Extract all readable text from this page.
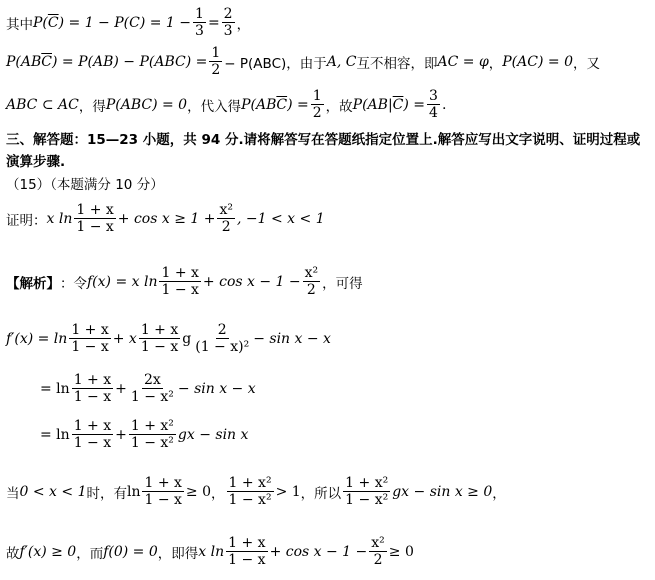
其中 P( $\overline{C}$ ) = $1 - P(C) = 1 - \frac{1}{3} = \frac{2}{3}$ ，
P(AB $\overline{C}$ ) = $P(AB) - P(ABC) = \frac{1}{2} - P(ABC)$，由于 A, C 互不相容，即 AC = φ ， P(AC) = 0 ，又
ABC ⊂ AC ，得 P(ABC) = 0 ，代入得 P(AB $\overline{C}$ ) = $\frac{1}{2}$ ，故 P(AB| $\overline{C}$ ) = $\frac{3}{4}$ .
三、解答题：15—23 小题，共 94 分.请将解答写在答题纸指定位置上.解答应写出文字说明、证明过程或
演算步骤.
（15）（本题满分 10 分）
证明： x $\ln \frac{1 + x}{1 - x} + \cos x \ge 1 + \frac{\text{x²}}{2}$ , −1 < x < 1
【解析】 ：令 f(x) = x $\ln \frac{1 + x}{1 - x} + \cos x - 1 - \frac{\text{x²}}{2}$ ，可得
$f'(x) = \ln \frac{1 + x}{1 - x} + x \frac{1 + x}{1 - x}$ g $\frac{2}{\text{(1 − x)²}} - \sin x - x$
= $\ln \frac{1 + x}{1 - x} + \frac{2x}{\text{1 − x²}} - \sin x - x$
= $\ln \frac{1 + x}{1 - x} + \frac{\text{1 + x²}}{\text{1 − x²}}$ gx − sin x
当 0 < x < 1 时，有 $\ln \frac{1 + x}{1 - x} \ge 0$ ， $\frac{\text{1 + x²}}{\text{1 − x²}} > 1$ ，所以 $\frac{\text{1 + x²}}{\text{1 − x²}}$ gx − sin x ≥ 0 ，
故 f′(x) ≥ 0 ，而 f(0) = 0 ，即得 x $\ln \frac{1 + x}{1 - x} + \cos x - 1 - \frac{\text{x²}}{2} \ge 0$
